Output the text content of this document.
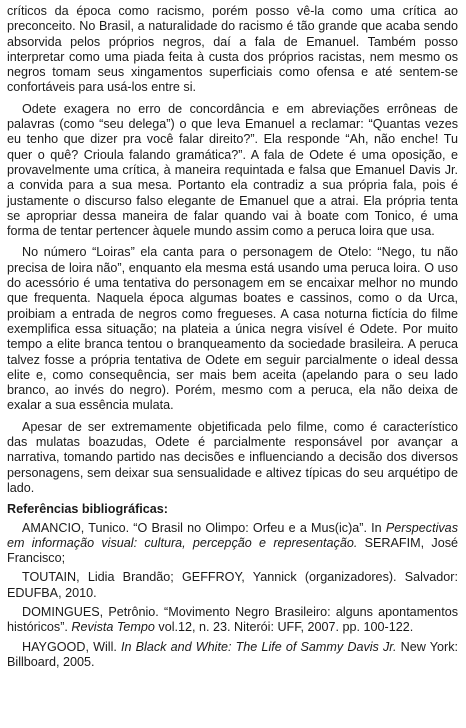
críticos da época como racismo, porém posso vê-la como uma crítica ao preconceito. No Brasil, a naturalidade do racismo é tão grande que acaba sendo absorvida pelos próprios negros, daí a fala de Emanuel. Também posso interpretar como uma piada feita à custa dos próprios racistas, nem mesmo os negros tomam seus xingamentos superficiais como ofensa e até sentem-se confortáveis para usá-los entre si.

Odete exagera no erro de concordância e em abreviações errôneas de palavras (como “seu delega”) o que leva Emanuel a reclamar: “Quantas vezes eu tenho que dizer pra você falar direito?”. Ela responde “Ah, não enche! Tu quer o quê? Crioula falando gramática?”. A fala de Odete é uma oposição, e provavelmente uma crítica, à maneira requintada e falsa que Emanuel Davis Jr. a convida para a sua mesa. Portanto ela contradiz a sua própria fala, pois é justamente o discurso falso elegante de Emanuel que a atrai. Ela própria tenta se apropriar dessa maneira de falar quando vai à boate com Tonico, é uma forma de tentar pertencer àquele mundo assim como a peruca loira que usa.

No número “Loiras” ela canta para o personagem de Otelo: “Nego, tu não precisa de loira não”, enquanto ela mesma está usando uma peruca loira. O uso do acessório é uma tentativa do personagem em se encaixar melhor no mundo que frequenta. Naquela época algumas boates e cassinos, como o da Urca, proibiam a entrada de negros como fregueses. A casa noturna fictícia do filme exemplifica essa situação; na plateia a única negra visível é Odete. Por muito tempo a elite branca tentou o branqueamento da sociedade brasileira. A peruca talvez fosse a própria tentativa de Odete em seguir parcialmente o ideal dessa elite e, como consequência, ser mais bem aceita (apelando para o seu lado branco, ao invés do negro). Porém, mesmo com a peruca, ela não deixa de exalar a sua essência mulata.

Apesar de ser extremamente objetificada pelo filme, como é característico das mulatas boazudas, Odete é parcialmente responsável por avançar a narrativa, tomando partido nas decisões e influenciando a decisão dos diversos personagens, sem deixar sua sensualidade e altivez típicas do seu arquétipo de lado.

Referências bibliográficas:

AMANCIO, Tunico. “O Brasil no Olimpo: Orfeu e a Mus(ic)a”. In Perspectivas em informação visual: cultura, percepção e representação. SERAFIM, José Francisco;

TOUTAIN, Lidia Brandão; GEFFROY, Yannick (organizadores). Salvador: EDUFBA, 2010.

DOMINGUES, Petrônio. “Movimento Negro Brasileiro: alguns apontamentos históricos”. Revista Tempo vol.12, n. 23. Niterói: UFF, 2007. pp. 100-122.

HAYGOOD, Will. In Black and White: The Life of Sammy Davis Jr. New York: Billboard, 2005.
